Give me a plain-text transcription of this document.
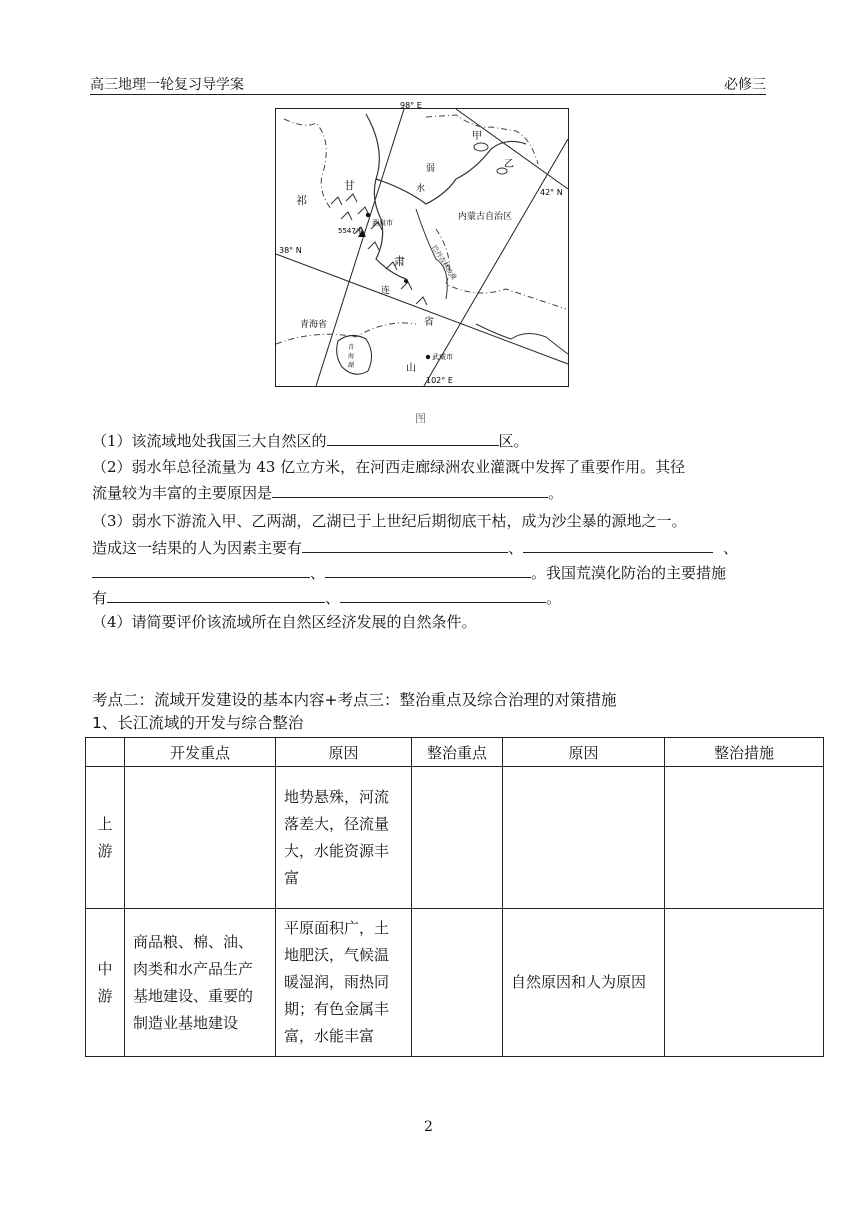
高三地理一轮复习导学案	必修三
98° E
42° N
38° N
102° E
甲
乙
祁
甘
肃
弱
水
连
山
省
酒泉市
5547米
内蒙古自治区
巴丹吉林沙漠
青海省
青
海
湖
武威市
图
（1）该流域地处我国三大自然区的	区。
（2）弱水年总径流量为 43 亿立方米，在河西走廊绿洲农业灌溉中发挥了重要作用。其径
流量较为丰富的主要原因是	。
（3）弱水下游流入甲、乙两湖，乙湖已于上世纪后期彻底干枯，成为沙尘暴的源地之一。
造成这一结果的人为因素主要有	、	、
、	。我国荒漠化防治的主要措施
有	、	。
（4）请简要评价该流域所在自然区经济发展的自然条件。
考点二：流域开发建设的基本内容+考点三：整治重点及综合治理的对策措施
1、长江流域的开发与综合整治
	开发重点	原因	整治重点	原因	整治措施

上游		地势悬殊，河流落差大，径流量大，水能资源丰富			

中游	商品粮、棉、油、肉类和水产品生产基地建设、重要的制造业基地建设	平原面积广，土地肥沃，气候温暖湿润，雨热同期；有色金属丰富，水能丰富		自然原因和人为原因	

2
